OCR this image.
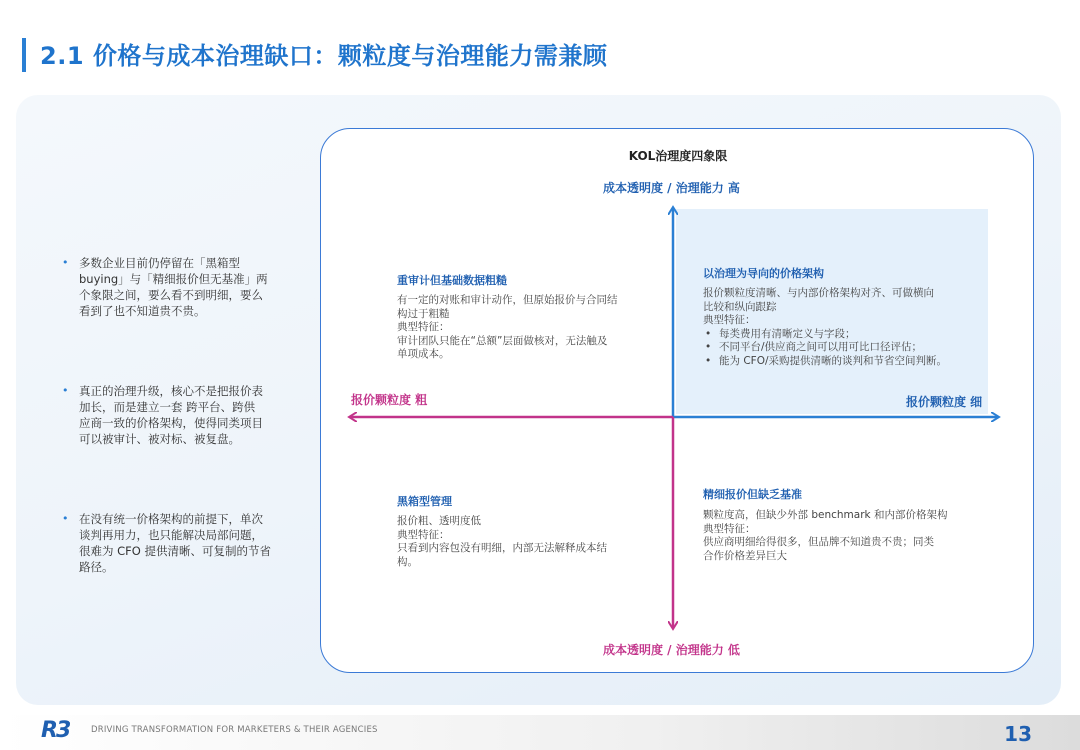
2.1 价格与成本治理缺口：颗粒度与治理能力需兼顾
• 多数企业目前仍停留在「黑箱型
buying」与「精细报价但无基准」两
个象限之间，要么看不到明细，要么
看到了也不知道贵不贵。
• 真正的治理升级，核心不是把报价表
加长，而是建立一套 跨平台、跨供
应商一致的价格架构，使得同类项目
可以被审计、被对标、被复盘。
• 在没有统一价格架构的前提下，单次
谈判再用力，也只能解决局部问题，
很难为 CFO 提供清晰、可复制的节省
路径。
KOL治理度四象限
成本透明度 / 治理能力 高
成本透明度 / 治理能力 低
报价颗粒度 粗	报价颗粒度 细
重审计但基础数据粗糙
有一定的对账和审计动作，但原始报价与合同结
构过于粗糙
典型特征：
审计团队只能在“总额”层面做核对，无法触及
单项成本。
以治理为导向的价格架构
报价颗粒度清晰、与内部价格架构对齐、可做横向
比较和纵向跟踪
典型特征：
• 每类费用有清晰定义与字段；
• 不同平台/供应商之间可以用可比口径评估；
• 能为 CFO/采购提供清晰的谈判和节省空间判断。
黑箱型管理
报价粗、透明度低
典型特征：
只看到内容包没有明细，内部无法解释成本结
构。
精细报价但缺乏基准
颗粒度高，但缺少外部 benchmark 和内部价格架构
典型特征：
供应商明细给得很多，但品牌不知道贵不贵；同类
合作价格差异巨大
R3	DRIVING TRANSFORMATION FOR MARKETERS & THEIR AGENCIES	13
